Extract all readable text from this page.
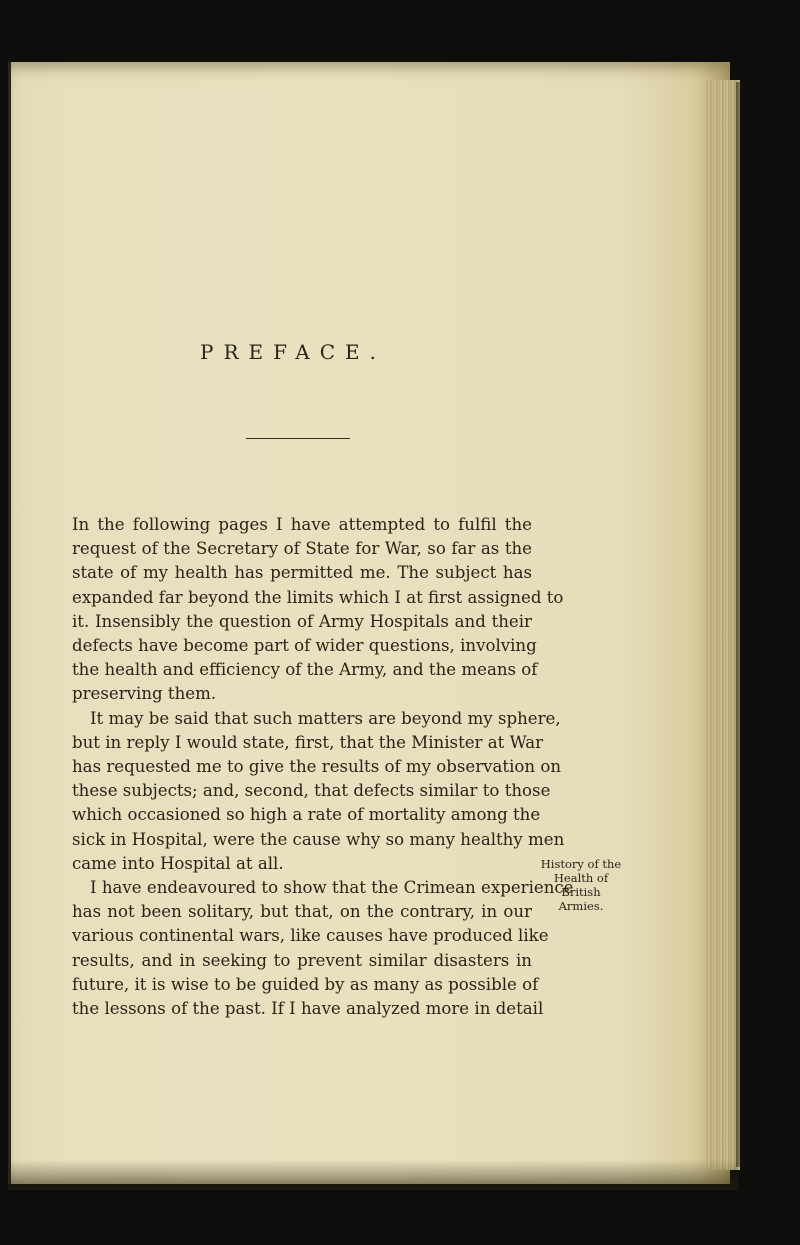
PREFACE.
In the following pages I have attempted to fulfil the
request of the Secretary of State for War, so far as the
state of my health has permitted me. The subject has
expanded far beyond the limits which I at first assigned to
it. Insensibly the question of Army Hospitals and their
defects have become part of wider questions, involving
the health and efficiency of the Army, and the means of
preserving them.
It may be said that such matters are beyond my sphere,
but in reply I would state, first, that the Minister at War
has requested me to give the results of my observation on
these subjects; and, second, that defects similar to those
which occasioned so high a rate of mortality among the
sick in Hospital, were the cause why so many healthy men
came into Hospital at all.
I have endeavoured to show that the Crimean experience
has not been solitary, but that, on the contrary, in our
various continental wars, like causes have produced like
results, and in seeking to prevent similar disasters in
future, it is wise to be guided by as many as possible of
the lessons of the past. If I have analyzed more in detail
History of the
Health of
British
Armies.
